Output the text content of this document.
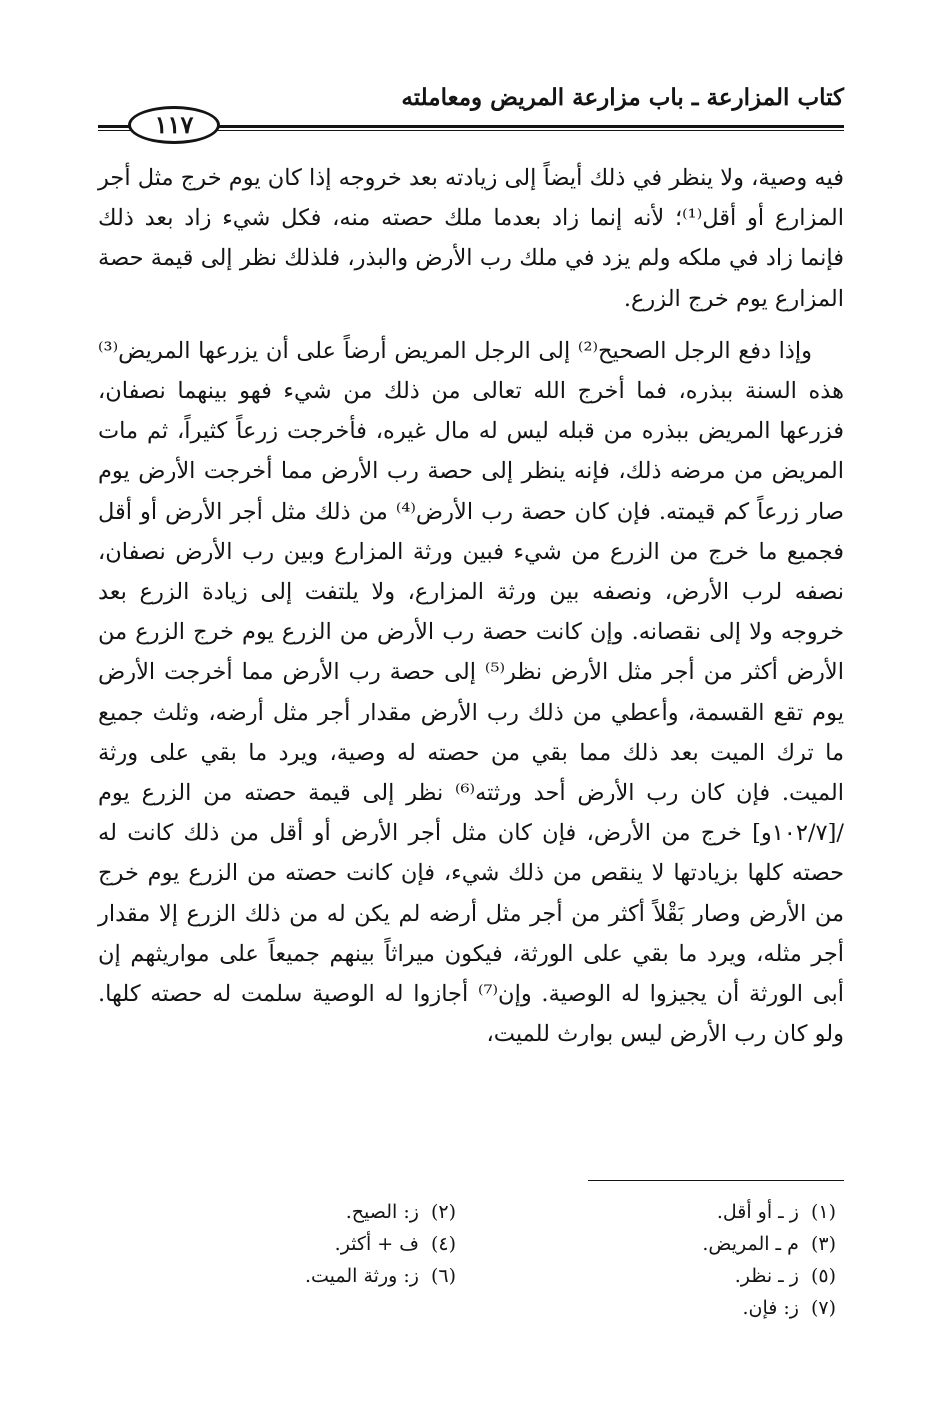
كتاب المزارعة ـ باب مزارعة المريض ومعاملته
١١٧

فيه وصية، ولا ينظر في ذلك أيضاً إلى زيادته بعد خروجه إذا كان يوم خرج مثل أجر المزارع أو أقل⁽¹⁾؛ لأنه إنما زاد بعدما ملك حصته منه، فكل شيء زاد بعد ذلك فإنما زاد في ملكه ولم يزد في ملك رب الأرض والبذر، فلذلك نظر إلى قيمة حصة المزارع يوم خرج الزرع.

وإذا دفع الرجل الصحيح⁽²⁾ إلى الرجل المريض أرضاً على أن يزرعها المريض⁽³⁾ هذه السنة ببذره، فما أخرج الله تعالى من ذلك من شيء فهو بينهما نصفان، فزرعها المريض ببذره من قبله ليس له مال غيره، فأخرجت زرعاً كثيراً، ثم مات المريض من مرضه ذلك، فإنه ينظر إلى حصة رب الأرض مما أخرجت الأرض يوم صار زرعاً كم قيمته. فإن كان حصة رب الأرض⁽⁴⁾ من ذلك مثل أجر الأرض أو أقل فجميع ما خرج من الزرع من شيء فبين ورثة المزارع وبين رب الأرض نصفان، نصفه لرب الأرض، ونصفه بين ورثة المزارع، ولا يلتفت إلى زيادة الزرع بعد خروجه ولا إلى نقصانه. وإن كانت حصة رب الأرض من الزرع يوم خرج الزرع من الأرض أكثر من أجر مثل الأرض نظر⁽⁵⁾ إلى حصة رب الأرض مما أخرجت الأرض يوم تقع القسمة، وأعطي من ذلك رب الأرض مقدار أجر مثل أرضه، وثلث جميع ما ترك الميت بعد ذلك مما بقي من حصته له وصية، ويرد ما بقي على ورثة الميت. فإن كان رب الأرض أحد ورثته⁽⁶⁾ نظر إلى قيمة حصته من الزرع يوم /[١٠٢/٧و] خرج من الأرض، فإن كان مثل أجر الأرض أو أقل من ذلك كانت له حصته كلها بزيادتها لا ينقص من ذلك شيء، فإن كانت حصته من الزرع يوم خرج من الأرض وصار بَقْلاً أكثر من أجر مثل أرضه لم يكن له من ذلك الزرع إلا مقدار أجر مثله، ويرد ما بقي على الورثة، فيكون ميراثاً بينهم جميعاً على مواريثهم إن أبى الورثة أن يجيزوا له الوصية. وإن⁽⁷⁾ أجازوا له الوصية سلمت له حصته كلها. ولو كان رب الأرض ليس بوارث للميت،

(١)ز ـ أو أقل.
(٣)م ـ المريض.
(٥)ز ـ نظر.
(٧)ز: فإن.
(٢)ز: الصيح.
(٤)ف + أكثر.
(٦)ز: ورثة الميت.
